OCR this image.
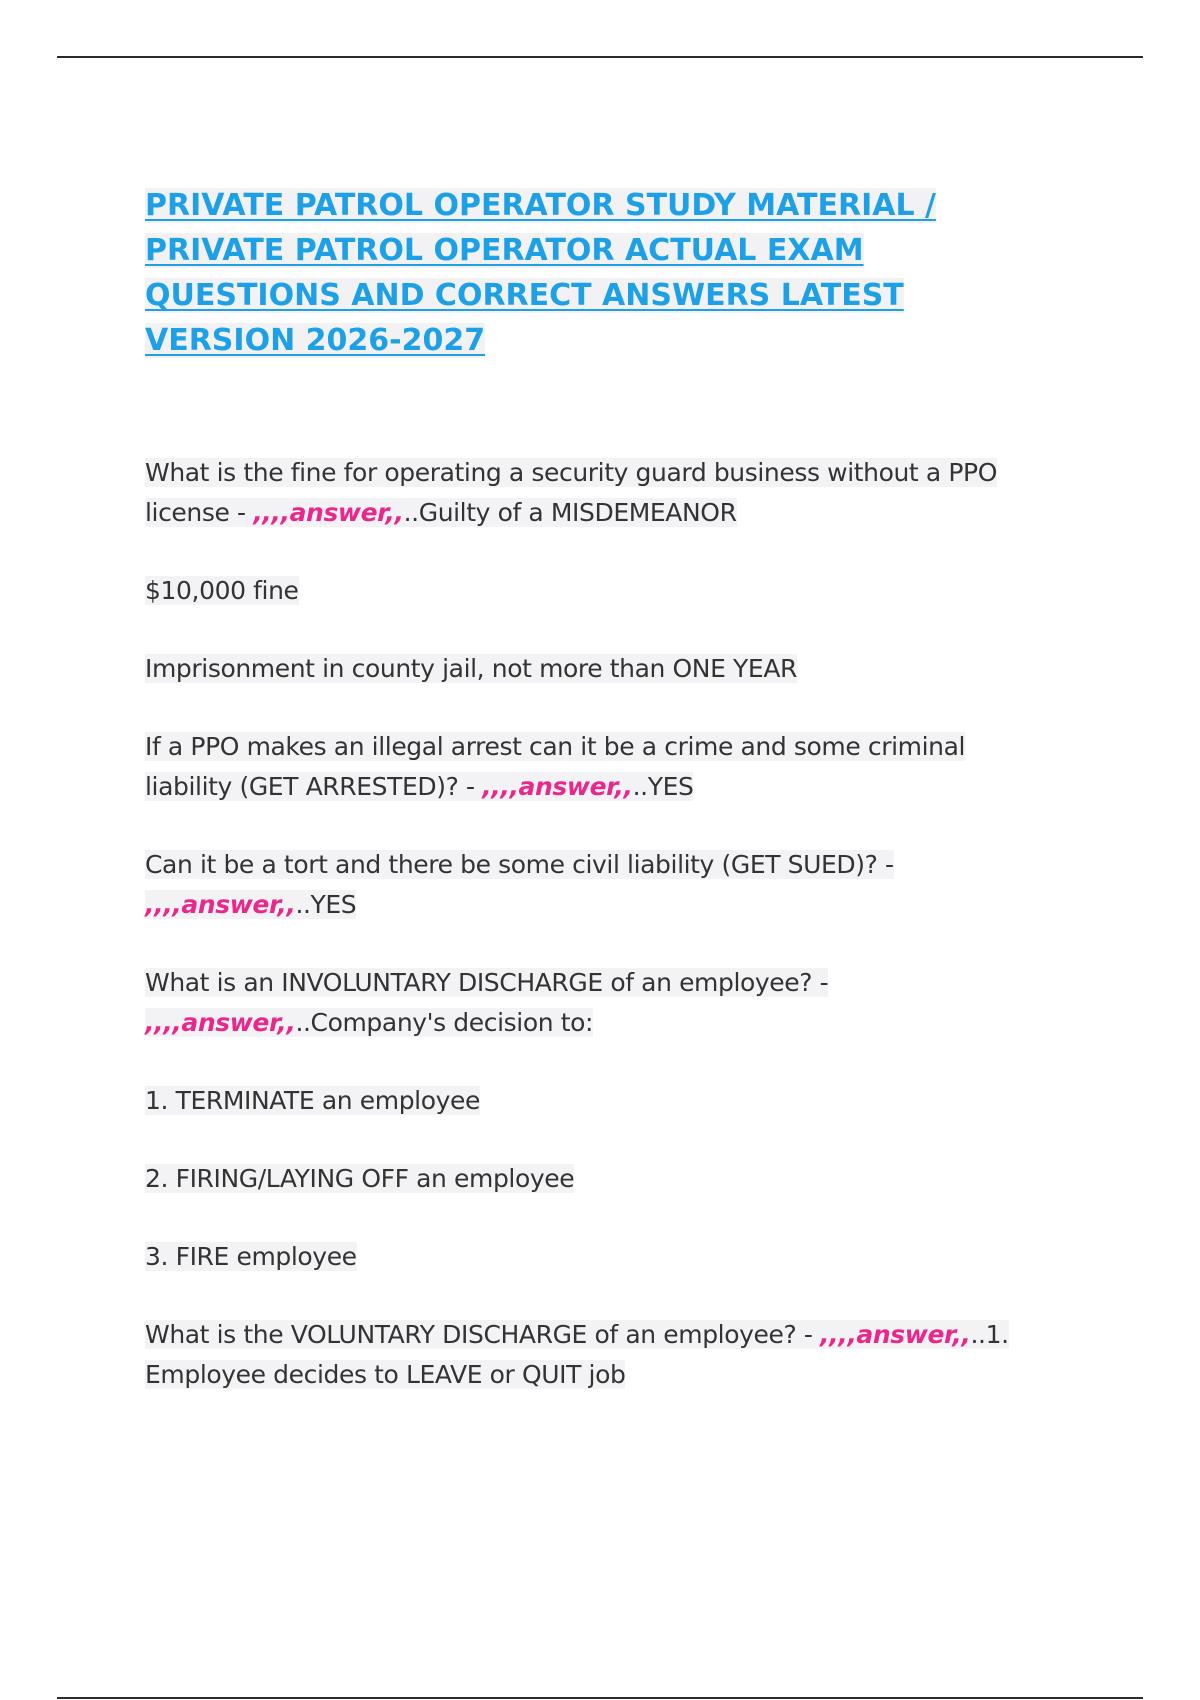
PRIVATE PATROL OPERATOR STUDY MATERIAL /
PRIVATE PATROL OPERATOR ACTUAL EXAM
QUESTIONS AND CORRECT ANSWERS LATEST
VERSION 2026-2027
What is the fine for operating a security guard business without a PPO
license - ,,,,answer,,..Guilty of a MISDEMEANOR
$10,000 fine
Imprisonment in county jail, not more than ONE YEAR
If a PPO makes an illegal arrest can it be a crime and some criminal
liability (GET ARRESTED)? - ,,,,answer,,..YES
Can it be a tort and there be some civil liability (GET SUED)? -
,,,,answer,,..YES
What is an INVOLUNTARY DISCHARGE of an employee? -
,,,,answer,,..Company's decision to:
1. TERMINATE an employee
2. FIRING/LAYING OFF an employee
3. FIRE employee
What is the VOLUNTARY DISCHARGE of an employee? - ,,,,answer,,..1.
Employee decides to LEAVE or QUIT job
